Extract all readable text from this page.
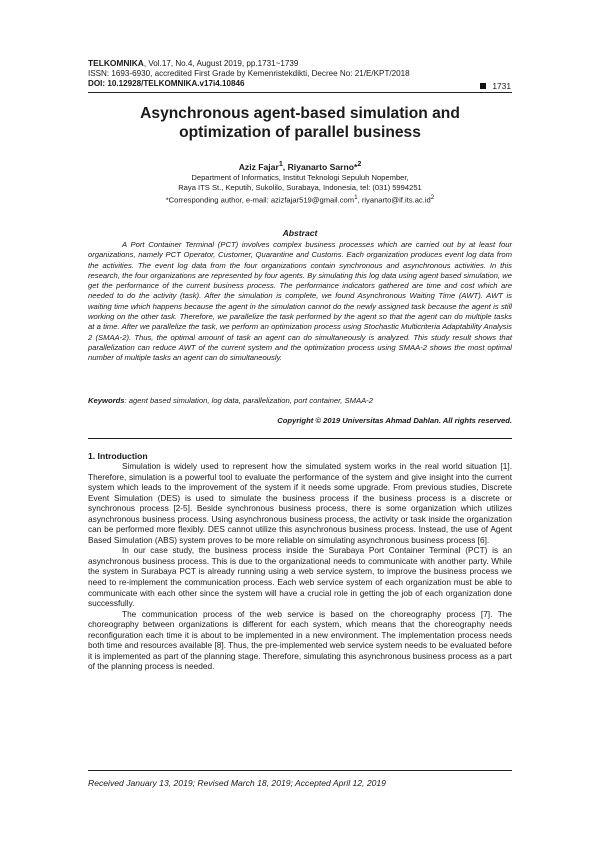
TELKOMNIKA, Vol.17, No.4, August 2019, pp.1731~1739
ISSN: 1693-6930, accredited First Grade by Kemenristekdikti, Decree No: 21/E/KPT/2018
DOI: 10.12928/TELKOMNIKA.v17i4.10846	1731
Asynchronous agent-based simulation and
optimization of parallel business
Aziz Fajar$^1$, Riyanarto Sarno*$^2$
Department of Informatics, Institut Teknologi Sepuluh Nopember,
Raya ITS St., Keputih, Sukolilo, Surabaya, Indonesia, tel: (031) 5994251
*Corresponding author, e-mail: azizfajar519@gmail.com$^1$, $riyanarto@if.its.ac.id^2$
Abstract
A Port Container Terminal (PCT) involves complex business processes which are carried out by at least four organizations, namely PCT Operator, Customer, Quarantine and Customs. Each organization produces event log data from the activities. The event log data from the four organizations contain synchronous and asynchronous activities. In this research, the four organizations are represented by four agents. By simulating this log data using agent based simulation, we get the performance of the current business process. The performance indicators gathered are time and cost which are needed to do the activity (task). After the simulation is complete, we found Asynchronous Waiting Time (AWT). AWT is waiting time which happens because the agent in the simulation cannot do the newly assigned task because the agent is still working on the other task. Therefore, we parallelize the task performed by the agent so that the agent can do multiple tasks at a time. After we parallelize the task, we perform an optimization process using Stochastic Multicriteria Adaptability Analysis 2 (SMAA-2). Thus, the optimal amount of task an agent can do simultaneously is analyzed. This study result shows that parallelization can reduce AWT of the current system and the optimization process using SMAA-2 shows the most optimal number of multiple tasks an agent can do simultaneously.
Keywords: agent based simulation, log data, parallelization, port container, SMAA-2
Copyright © 2019 Universitas Ahmad Dahlan. All rights reserved.
1. Introduction

Simulation is widely used to represent how the simulated system works in the real world situation [1]. Therefore, simulation is a powerful tool to evaluate the performance of the system and give insight into the current system which leads to the improvement of the system if it needs some upgrade. From previous studies, Discrete Event Simulation (DES) is used to simulate the business process if the business process is a discrete or synchronous process [2-5]. Beside synchronous business process, there is some organization which utilizes asynchronous business process. Using asynchronous business process, the activity or task inside the organization can be performed more flexibly. DES cannot utilize this asynchronous business process. Instead, the use of Agent Based Simulation (ABS) system proves to be more reliable on simulating asynchronous business process [6].

In our case study, the business process inside the Surabaya Port Container Terminal (PCT) is an asynchronous business process. This is due to the organizational needs to communicate with another party. While the system in Surabaya PCT is already running using a web service system, to improve the business process we need to re-implement the communication process. Each web service system of each organization must be able to communicate with each other since the system will have a crucial role in getting the job of each organization done successfully.

The communication process of the web service is based on the choreography process [7]. The choreography between organizations is different for each system, which means that the choreography needs reconfiguration each time it is about to be implemented in a new environment. The implementation process needs both time and resources available [8]. Thus, the pre-implemented web service system needs to be evaluated before it is implemented as part of the planning stage. Therefore, simulating this asynchronous business process as a part of the planning process is needed.

Received January 13, 2019; Revised March 18, 2019; Accepted April 12, 2019
